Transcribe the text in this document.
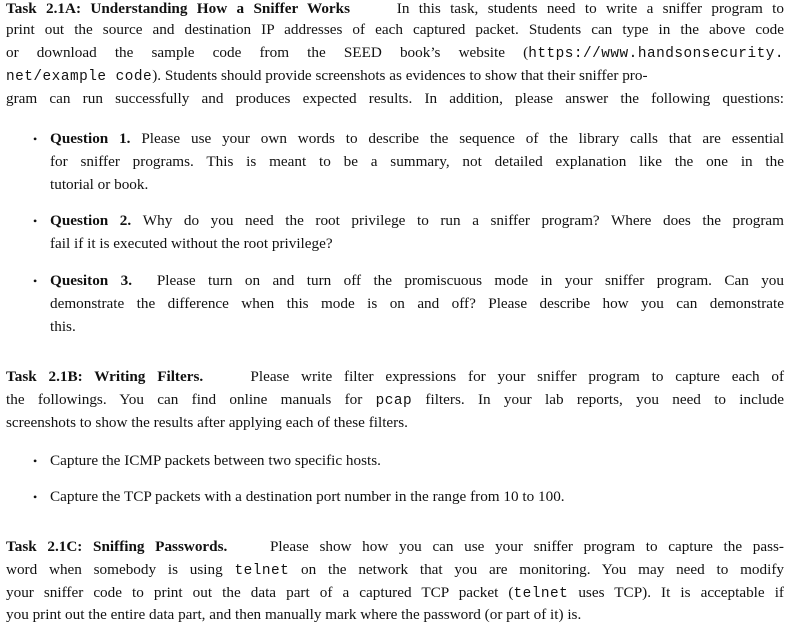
Task 2.1A: Understanding How a Sniffer Works	In this task, students need to write a sniffer program to
print out the source and destination IP addresses of each captured packet. Students can type in the above code
or download the sample code from the SEED book’s website (https://www.handsonsecurity.
net/example code). Students should provide screenshots as evidences to show that their sniffer pro-
gram can run successfully and produces expected results. In addition, please answer the following questions:
• Question 1. Please use your own words to describe the sequence of the library calls that are essential
for sniffer programs. This is meant to be a summary, not detailed explanation like the one in the
tutorial or book.
• Question 2. Why do you need the root privilege to run a sniffer program? Where does the program
fail if it is executed without the root privilege?
• Quesiton 3. Please turn on and turn off the promiscuous mode in your sniffer program. Can you
demonstrate the difference when this mode is on and off? Please describe how you can demonstrate
this.
Task 2.1B: Writing Filters.	Please write filter expressions for your sniffer program to capture each of
the followings. You can find online manuals for pcap filters. In your lab reports, you need to include
screenshots to show the results after applying each of these filters.
• Capture the ICMP packets between two specific hosts.
• Capture the TCP packets with a destination port number in the range from 10 to 100.
Task 2.1C: Sniffing Passwords.	Please show how you can use your sniffer program to capture the pass-
word when somebody is using telnet on the network that you are monitoring. You may need to modify
your sniffer code to print out the data part of a captured TCP packet (telnet uses TCP). It is acceptable if
you print out the entire data part, and then manually mark where the password (or part of it) is.
